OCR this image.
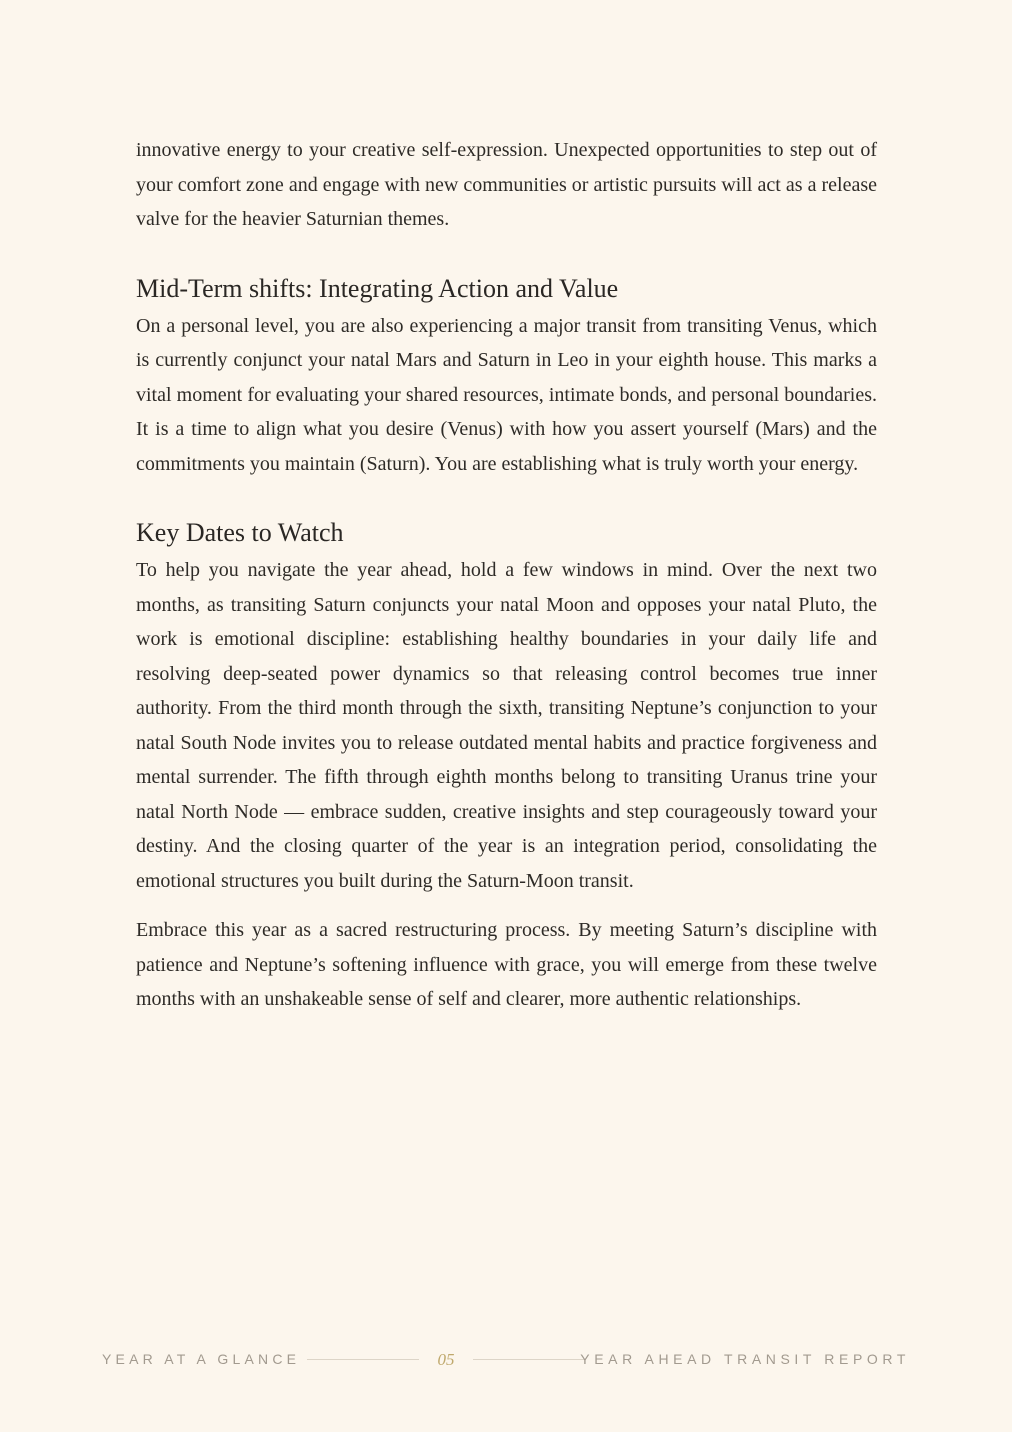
innovative energy to your creative self-expression. Unexpected opportunities to step out of your comfort zone and engage with new communities or artistic pursuits will act as a release valve for the heavier Saturnian themes.

Mid-Term shifts: Integrating Action and Value

On a personal level, you are also experiencing a major transit from transiting Venus, which is currently conjunct your natal Mars and Saturn in Leo in your eighth house. This marks a vital moment for evaluating your shared resources, intimate bonds, and personal boundaries. It is a time to align what you desire (Venus) with how you assert yourself (Mars) and the commitments you maintain (Saturn). You are establishing what is truly worth your energy.

Key Dates to Watch

To help you navigate the year ahead, hold a few windows in mind. Over the next two months, as transiting Saturn conjuncts your natal Moon and opposes your natal Pluto, the work is emotional discipline: establishing healthy boundaries in your daily life and resolving deep-seated power dynamics so that releasing control becomes true inner authority. From the third month through the sixth, transiting Neptune’s conjunction to your natal South Node invites you to release outdated mental habits and practice forgiveness and mental surrender. The fifth through eighth months belong to transiting Uranus trine your natal North Node — embrace sudden, creative insights and step courageously toward your destiny. And the closing quarter of the year is an integration period, consolidating the emotional structures you built during the Saturn-Moon transit.

Embrace this year as a sacred restructuring process. By meeting Saturn’s discipline with patience and Neptune’s softening influence with grace, you will emerge from these twelve months with an unshakeable sense of self and clearer, more authentic relationships.

YEAR AT A GLANCE	05	YEAR AHEAD TRANSIT REPORT
